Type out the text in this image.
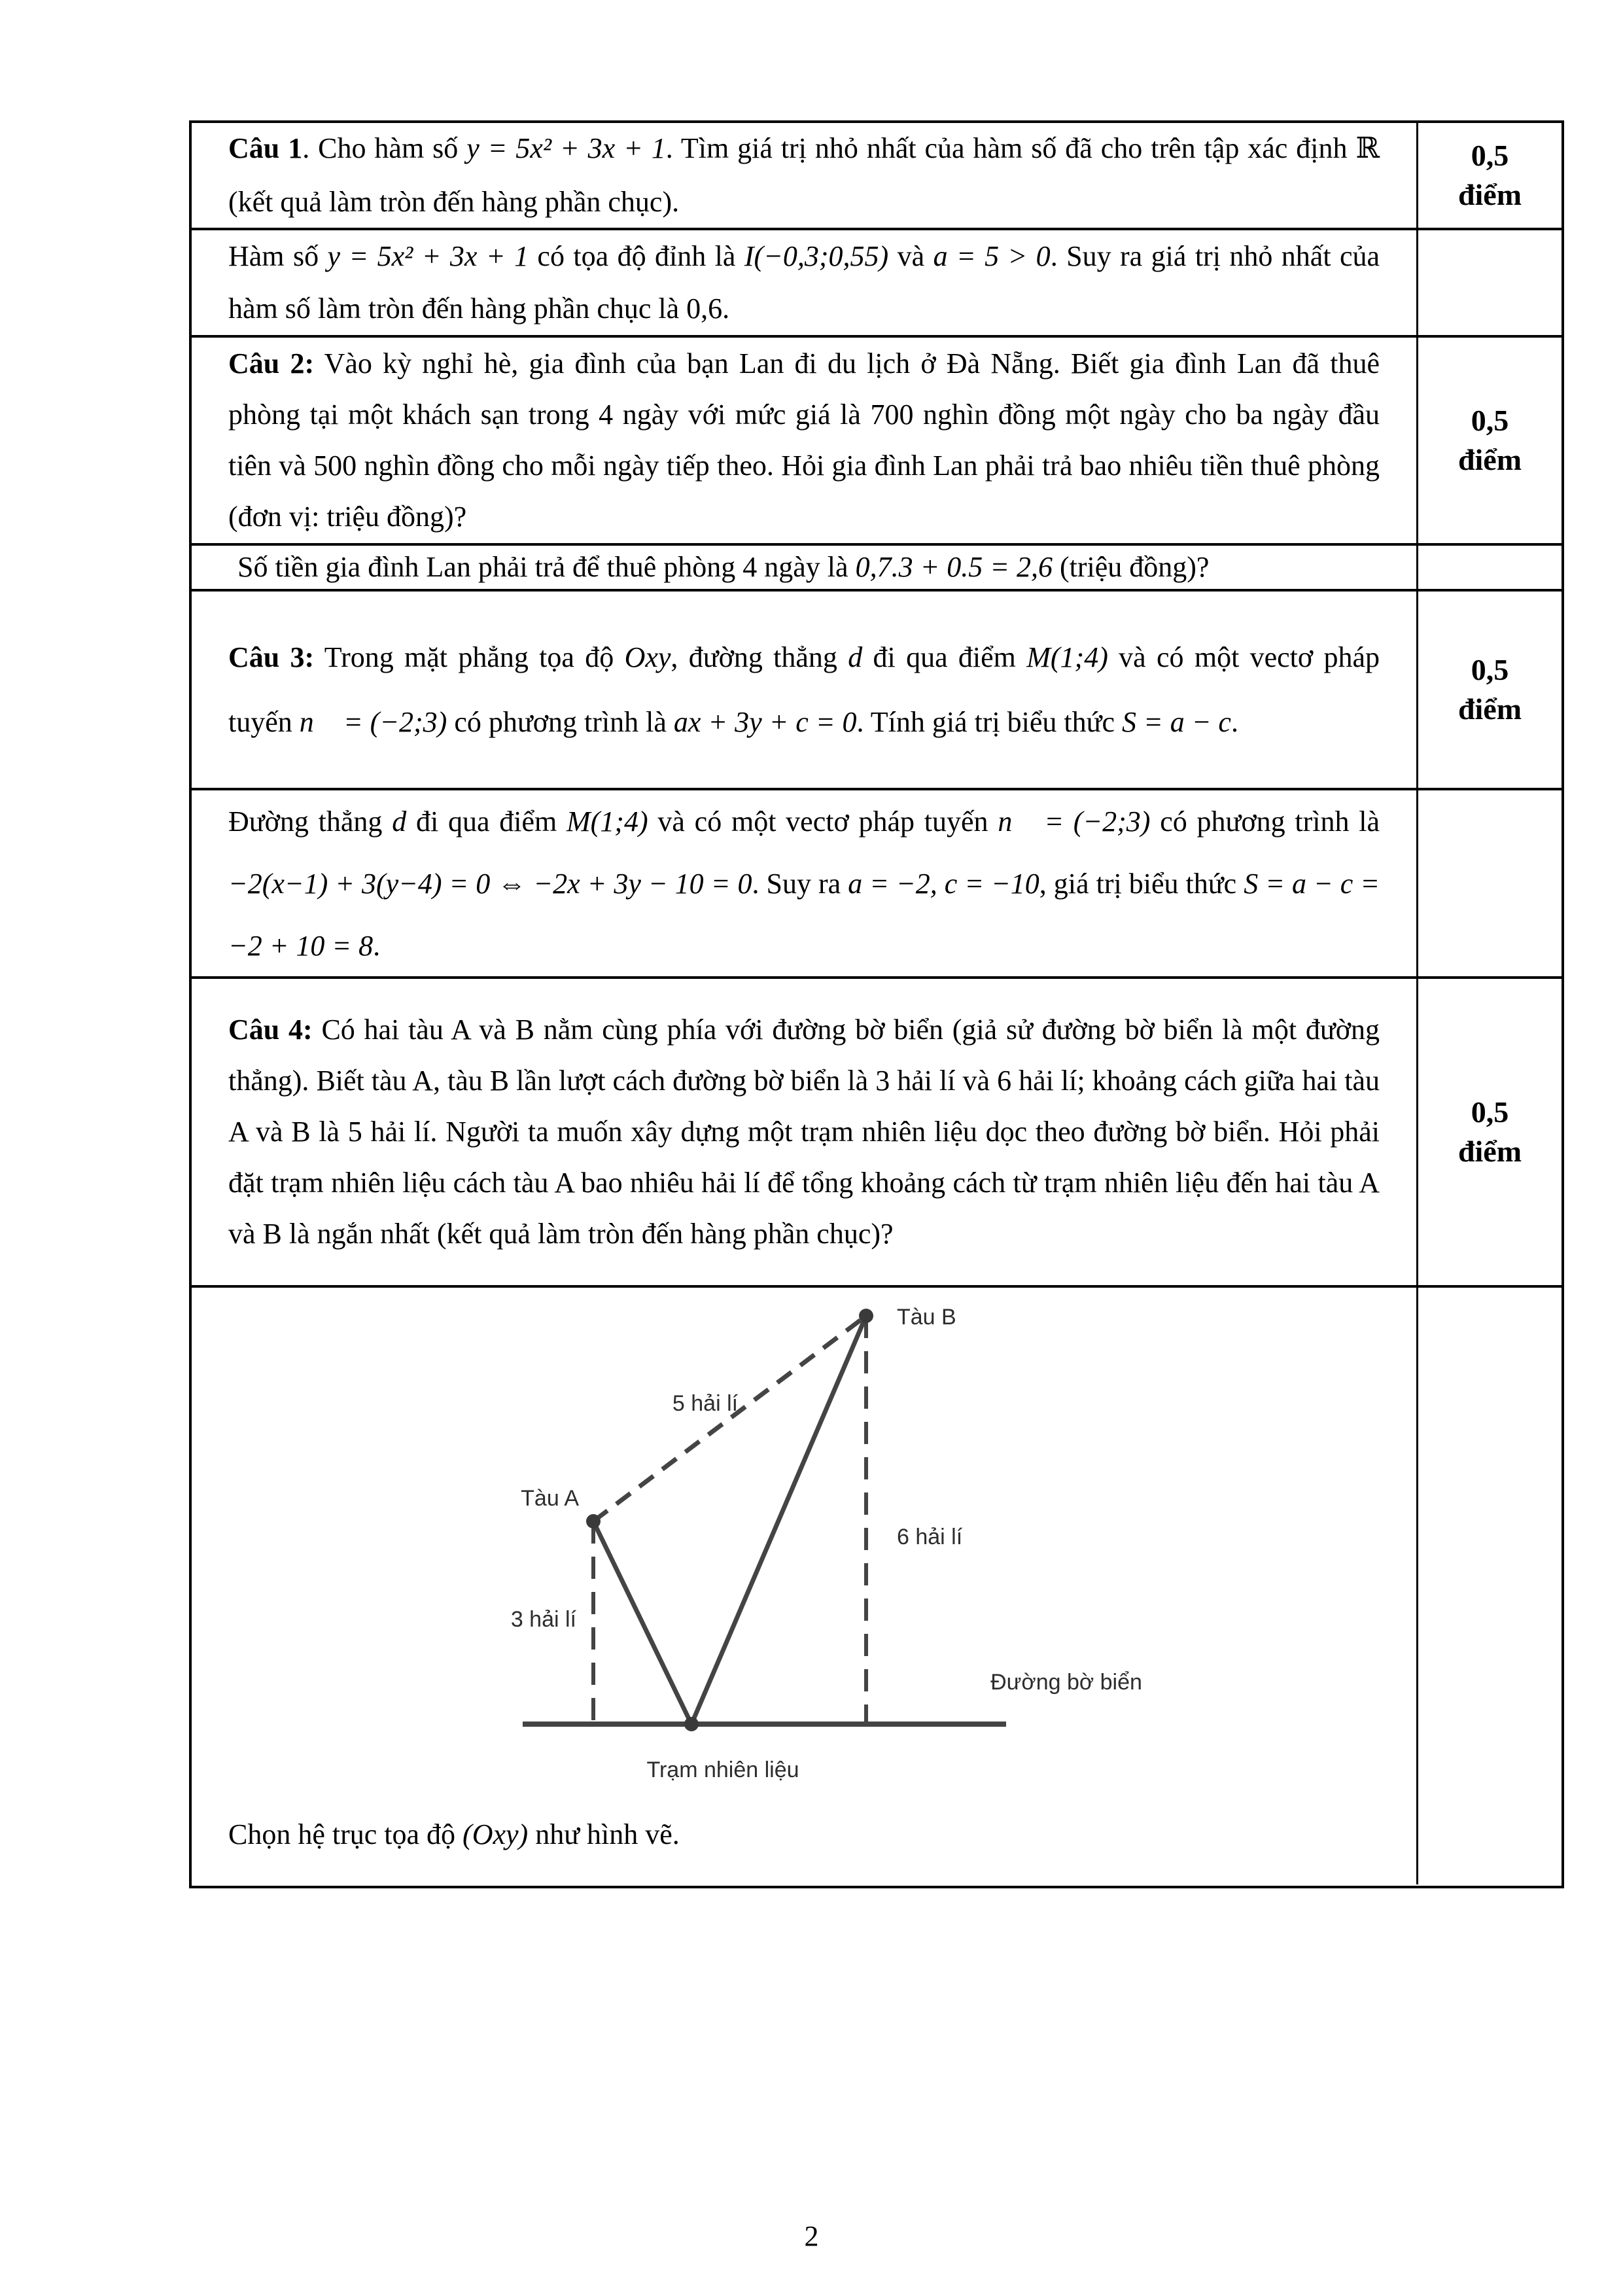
Câu 1. Cho hàm số y = 5x² + 3x + 1. Tìm giá trị nhỏ nhất của hàm số đã cho trên tập xác định ℝ (kết quả làm tròn đến hàng phần chục).
0,5
điểm
Hàm số y = 5x² + 3x + 1 có tọa độ đỉnh là I(−0,3;0,55) và a = 5 > 0. Suy ra giá trị nhỏ nhất của hàm số làm tròn đến hàng phần chục là 0,6.
Câu 2: Vào kỳ nghỉ hè, gia đình của bạn Lan đi du lịch ở Đà Nẵng. Biết gia đình Lan đã thuê phòng tại một khách sạn trong 4 ngày với mức giá là 700 nghìn đồng một ngày cho ba ngày đầu tiên và 500 nghìn đồng cho mỗi ngày tiếp theo. Hỏi gia đình Lan phải trả bao nhiêu tiền thuê phòng (đơn vị: triệu đồng)?
0,5
điểm
Số tiền gia đình Lan phải trả để thuê phòng 4 ngày là 0,7.3 + 0.5 = 2,6 (triệu đồng)?
Câu 3: Trong mặt phẳng tọa độ Oxy, đường thẳng d đi qua điểm M(1;4) và có một vectơ pháp tuyến n⃗ = (−2;3) có phương trình là ax + 3y + c = 0. Tính giá trị biểu thức S = a − c.
0,5
điểm
Đường thẳng d đi qua điểm M(1;4) và có một vectơ pháp tuyến n⃗ = (−2;3) có phương trình là −2(x−1) + 3(y−4) = 0 ⇔ −2x + 3y − 10 = 0. Suy ra a = −2, c = −10, giá trị biểu thức S = a − c = −2 + 10 = 8.
Câu 4: Có hai tàu A và B nằm cùng phía với đường bờ biển (giả sử đường bờ biển là một đường thẳng). Biết tàu A, tàu B lần lượt cách đường bờ biển là 3 hải lí và 6 hải lí; khoảng cách giữa hai tàu A và B là 5 hải lí. Người ta muốn xây dựng một trạm nhiên liệu dọc theo đường bờ biển. Hỏi phải đặt trạm nhiên liệu cách tàu A bao nhiêu hải lí để tổng khoảng cách từ trạm nhiên liệu đến hai tàu A và B là ngắn nhất (kết quả làm tròn đến hàng phần chục)?
0,5
điểm
Tàu B
Tàu A
5 hải lí
6 hải lí
3 hải lí
Đường bờ biển
Trạm nhiên liệu
Chọn hệ trục tọa độ (Oxy) như hình vẽ.
2
